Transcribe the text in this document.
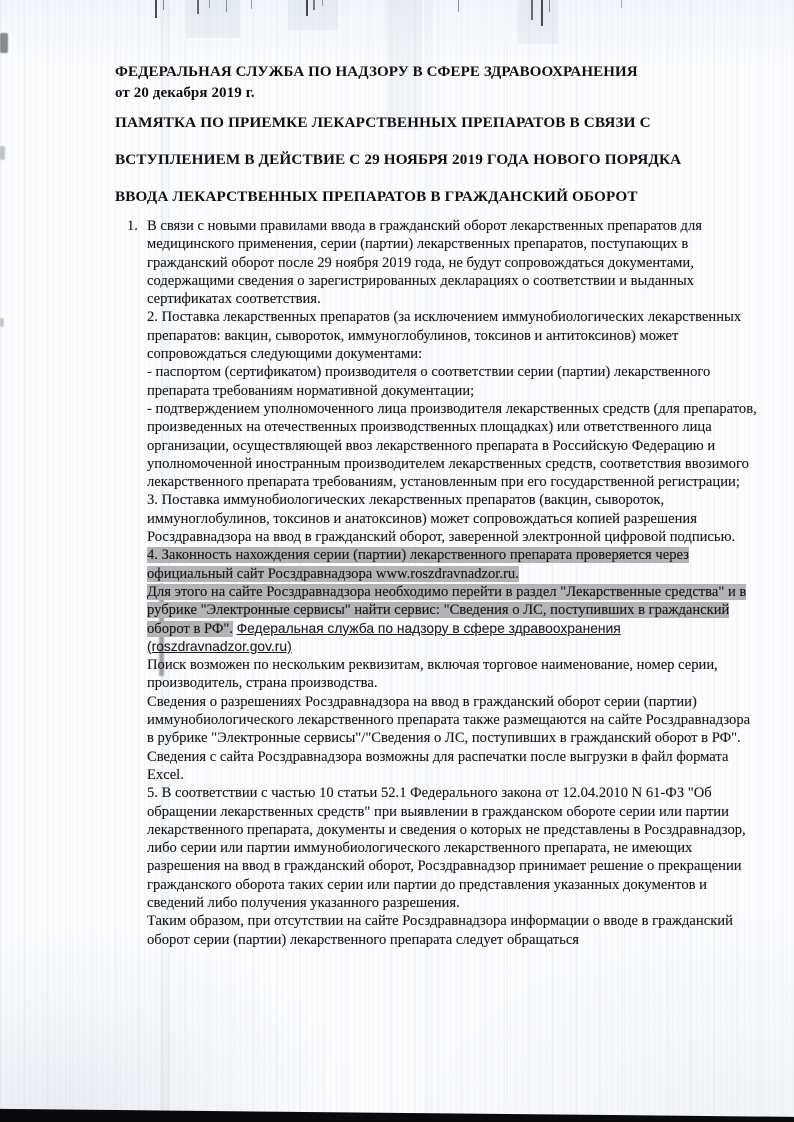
ФЕДЕРАЛЬНАЯ СЛУЖБА ПО НАДЗОРУ В СФЕРЕ ЗДРАВООХРАНЕНИЯ
от 20 декабря 2019 г.
ПАМЯТКА ПО ПРИЕМКЕ ЛЕКАРСТВЕННЫХ ПРЕПАРАТОВ В СВЯЗИ С
ВСТУПЛЕНИЕМ В ДЕЙСТВИЕ С 29 НОЯБРЯ 2019 ГОДА НОВОГО ПОРЯДКА
ВВОДА ЛЕКАРСТВЕННЫХ ПРЕПАРАТОВ В ГРАЖДАНСКИЙ ОБОРОТ

1. В связи с новыми правилами ввода в гражданский оборот лекарственных препаратов для медицинского применения, серии (партии) лекарственных препаратов, поступающих в гражданский оборот после 29 ноября 2019 года, не будут сопровождаться документами, содержащими сведения о зарегистрированных декларациях о соответствии и выданных сертификатах соответствия.

2. Поставка лекарственных препаратов (за исключением иммунобиологических лекарственных препаратов: вакцин, сывороток, иммуноглобулинов, токсинов и антитоксинов) может сопровождаться следующими документами:

- паспортом (сертификатом) производителя о соответствии серии (партии) лекарственного препарата требованиям нормативной документации;

- подтверждением уполномоченного лица производителя лекарственных средств (для препаратов, произведенных на отечественных производственных площадках) или ответственного лица организации, осуществляющей ввоз лекарственного препарата в Российскую Федерацию и уполномоченной иностранным производителем лекарственных средств, соответствия ввозимого лекарственного препарата требованиям, установленным при его государственной регистрации;

3. Поставка иммунобиологических лекарственных препаратов (вакцин, сывороток, иммуноглобулинов, токсинов и анатоксинов) может сопровождаться копией разрешения Росздравнадзора на ввод в гражданский оборот, заверенной электронной цифровой подписью.

4. Законность нахождения серии (партии) лекарственного препарата проверяется через официальный сайт Росздравнадзора www.roszdravnadzor.ru.
Для этого на сайте Росздравнадзора необходимо перейти в раздел "Лекарственные средства" и в рубрике "Электронные сервисы" найти сервис: "Сведения о ЛС, поступивших в гражданский оборот в РФ". Федеральная служба по надзору в сфере здравоохранения (roszdravnadzor.gov.ru)

Поиск возможен по нескольким реквизитам, включая торговое наименование, номер серии, производитель, страна производства.

Сведения о разрешениях Росздравнадзора на ввод в гражданский оборот серии (партии) иммунобиологического лекарственного препарата также размещаются на сайте Росздравнадзора в рубрике "Электронные сервисы"/"Сведения о ЛС, поступивших в гражданский оборот в РФ".

Сведения с сайта Росздравнадзора возможны для распечатки после выгрузки в файл формата Excel.

5. В соответствии с частью 10 статьи 52.1 Федерального закона от 12.04.2010 N 61-ФЗ "Об обращении лекарственных средств" при выявлении в гражданском обороте серии или партии лекарственного препарата, документы и сведения о которых не представлены в Росздравнадзор, либо серии или партии иммунобиологического лекарственного препарата, не имеющих разрешения на ввод в гражданский оборот, Росздравнадзор принимает решение о прекращении гражданского оборота таких серии или партии до представления указанных документов и сведений либо получения указанного разрешения.

Таким образом, при отсутствии на сайте Росздравнадзора информации о вводе в гражданский оборот серии (партии) лекарственного препарата следует обращаться
